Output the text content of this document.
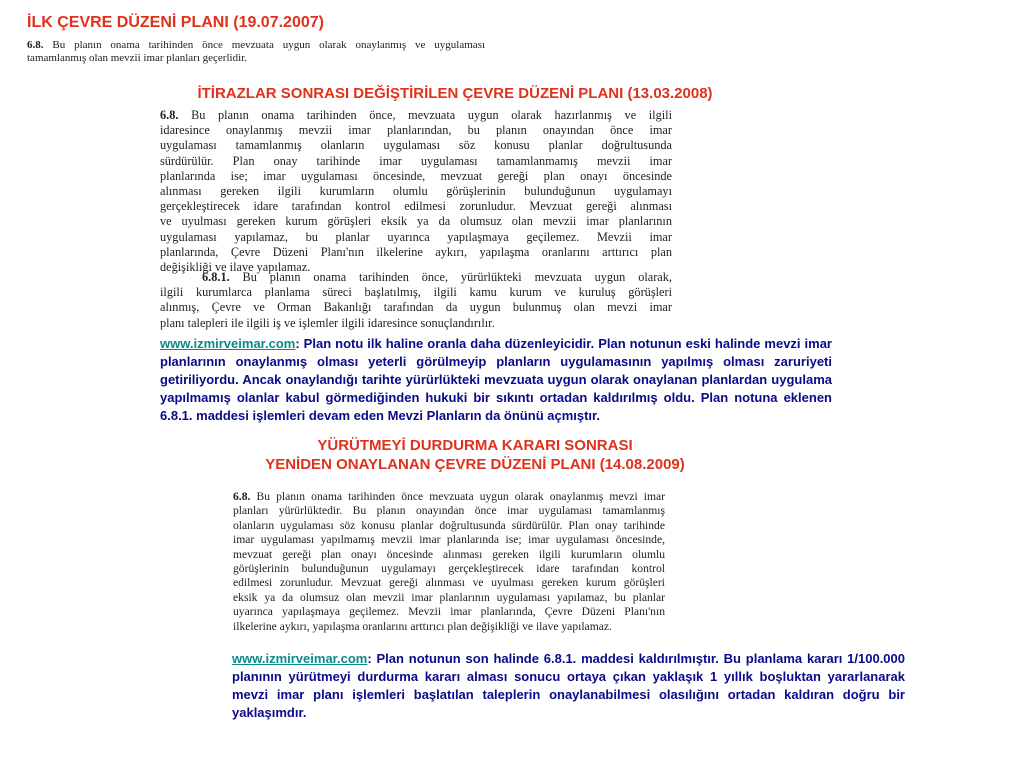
İLK ÇEVRE DÜZENİ PLANI (19.07.2007)
6.8. Bu planın onama tarihinden önce mevzuata uygun olarak onaylanmış ve uygulaması
tamamlanmış olan mevzii imar planları geçerlidir.
İTİRAZLAR SONRASI DEĞİŞTİRİLEN ÇEVRE DÜZENİ PLANI (13.03.2008)
6.8. Bu planın onama tarihinden önce, mevzuata uygun olarak hazırlanmış ve ilgili
idaresince onaylanmış mevzii imar planlarından, bu planın onayından önce imar
uygulaması tamamlanmış olanların uygulaması söz konusu planlar doğrultusunda
sürdürülür. Plan onay tarihinde imar uygulaması tamamlanmamış mevzii imar
planlarında ise; imar uygulaması öncesinde, mevzuat gereği plan onayı öncesinde
alınması gereken ilgili kurumların olumlu görüşlerinin bulunduğunun uygulamayı
gerçekleştirecek idare tarafından kontrol edilmesi zorunludur. Mevzuat gereği alınması
ve uyulması gereken kurum görüşleri eksik ya da olumsuz olan mevzii imar planlarının
uygulaması yapılamaz, bu planlar uyarınca yapılaşmaya geçilemez. Mevzii imar
planlarında, Çevre Düzeni Planı'nın ilkelerine aykırı, yapılaşma oranlarını arttırıcı plan
değişikliği ve ilave yapılamaz.
6.8.1. Bu planın onama tarihinden önce, yürürlükteki mevzuata uygun olarak,
ilgili kurumlarca planlama süreci başlatılmış, ilgili kamu kurum ve kuruluş görüşleri
alınmış, Çevre ve Orman Bakanlığı tarafından da uygun bulunmuş olan mevzi imar
planı talepleri ile ilgili iş ve işlemler ilgili idaresince sonuçlandırılır.
www.izmirveimar.com: Plan notu ilk haline oranla daha düzenleyicidir. Plan notunun eski halinde mevzi imar planlarının onaylanmış olması yeterli görülmeyip planların uygulamasının yapılmış olması zaruriyeti getiriliyordu. Ancak onaylandığı tarihte yürürlükteki mevzuata uygun olarak onaylanan planlardan uygulama yapılmamış olanlar kabul görmediğinden hukuki bir sıkıntı ortadan kaldırılmış oldu. Plan notuna eklenen 6.8.1. maddesi işlemleri devam eden Mevzi Planların da önünü açmıştır.
YÜRÜTMEYİ DURDURMA KARARI SONRASI
YENİDEN ONAYLANAN ÇEVRE DÜZENİ PLANI (14.08.2009)
6.8. Bu planın onama tarihinden önce mevzuata uygun olarak onaylanmış mevzi imar
planları yürürlüktedir. Bu planın onayından önce imar uygulaması tamamlanmış
olanların uygulaması söz konusu planlar doğrultusunda sürdürülür. Plan onay tarihinde
imar uygulaması yapılmamış mevzii imar planlarında ise; imar uygulaması öncesinde,
mevzuat gereği plan onayı öncesinde alınması gereken ilgili kurumların olumlu
görüşlerinin bulunduğunun uygulamayı gerçekleştirecek idare tarafından kontrol
edilmesi zorunludur. Mevzuat gereği alınması ve uyulması gereken kurum görüşleri
eksik ya da olumsuz olan mevzii imar planlarının uygulaması yapılamaz, bu planlar
uyarınca yapılaşmaya geçilemez. Mevzii imar planlarında, Çevre Düzeni Planı'nın
ilkelerine aykırı, yapılaşma oranlarını arttırıcı plan değişikliği ve ilave yapılamaz.
www.izmirveimar.com: Plan notunun son halinde 6.8.1. maddesi kaldırılmıştır. Bu planlama kararı 1/100.000 planının yürütmeyi durdurma kararı alması sonucu ortaya çıkan yaklaşık 1 yıllık boşluktan yararlanarak mevzi imar planı işlemleri başlatılan taleplerin onaylanabilmesi olasılığını ortadan kaldıran doğru bir yaklaşımdır.
